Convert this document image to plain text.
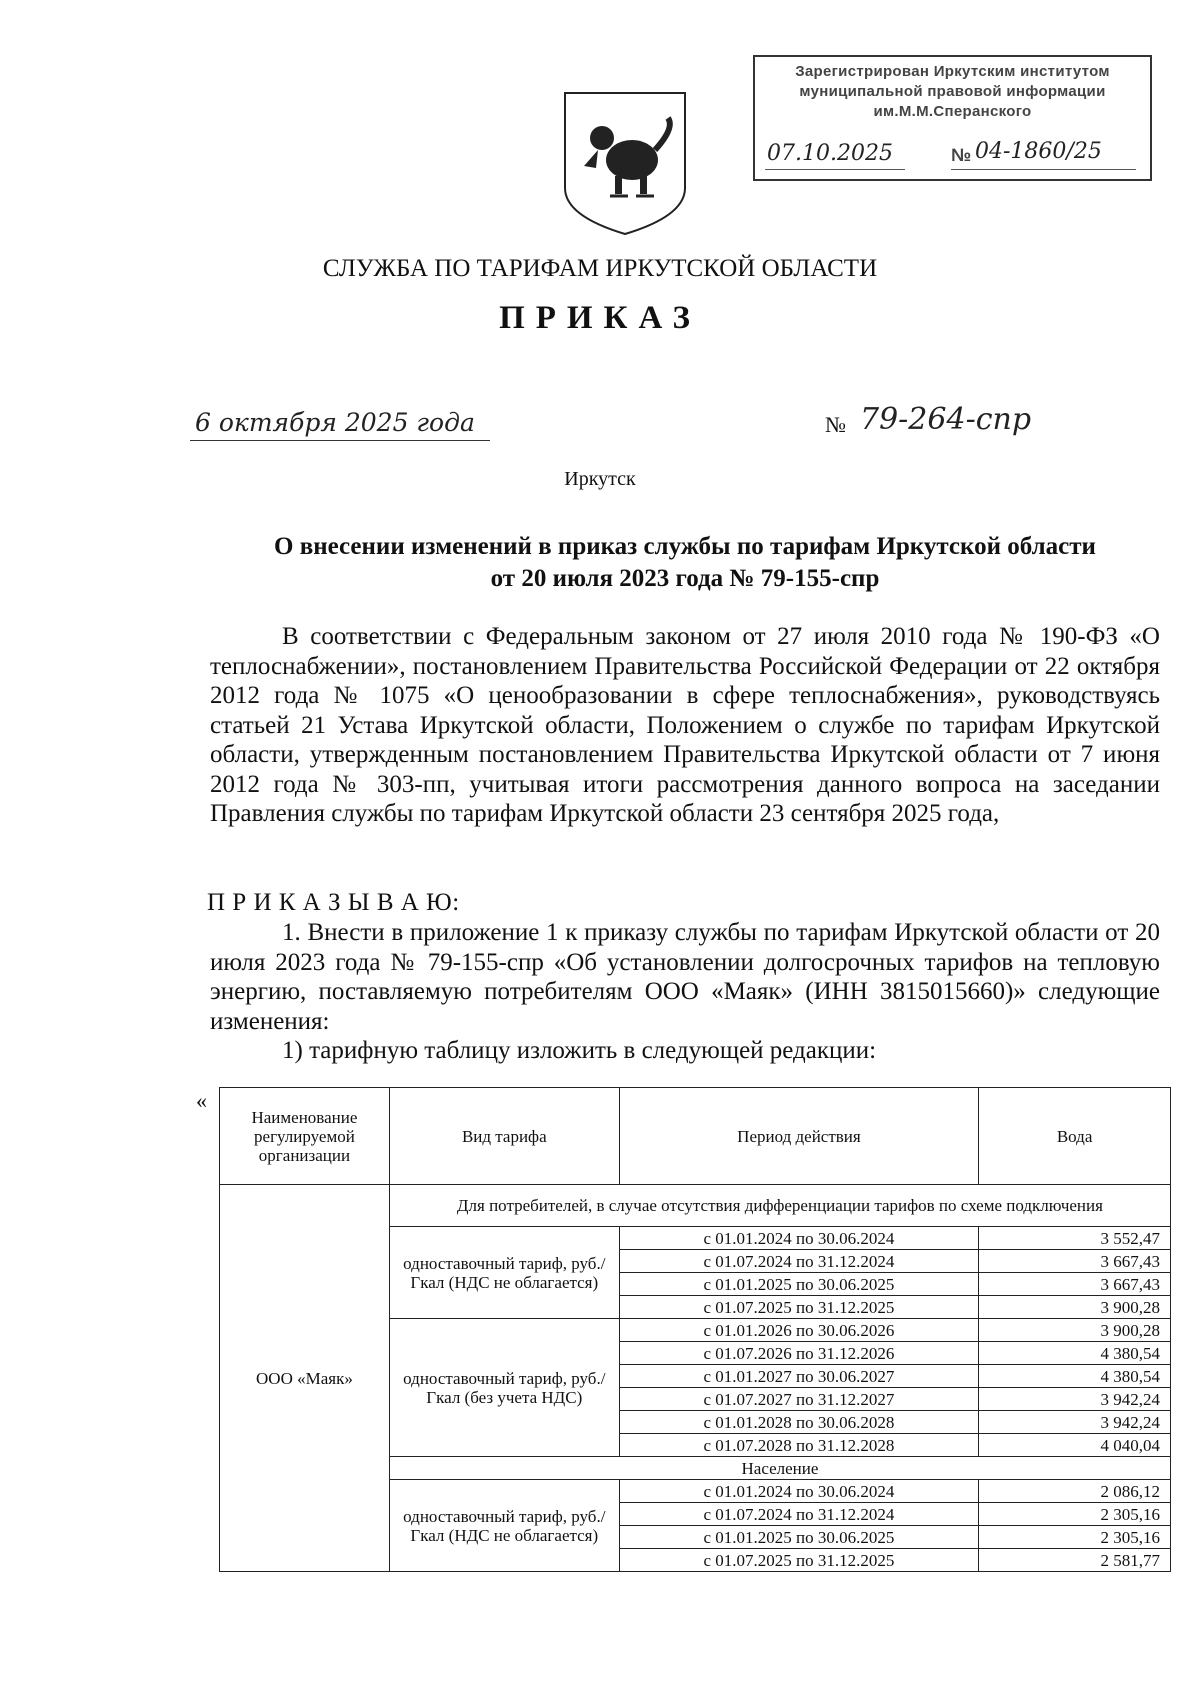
Зарегистрирован Иркутским институтом
муниципальной правовой информации
им.М.М.Сперанского
07.10.2025	№ 04-1860/25
СЛУЖБА ПО ТАРИФАМ ИРКУТСКОЙ ОБЛАСТИ
ПРИКАЗ
6 октября 2025 года	№ 79-264-спр
Иркутск
О внесении изменений в приказ службы по тарифам Иркутской области
от 20 июля 2023 года № 79-155-спр
В соответствии с Федеральным законом от 27 июля 2010 года № 190-ФЗ «О теплоснабжении», постановлением Правительства Российской Федерации от 22 октября 2012 года № 1075 «О ценообразовании в сфере теплоснабжения», руководствуясь статьей 21 Устава Иркутской области, Положением о службе по тарифам Иркутской области, утвержденным постановлением Правительства Иркутской области от 7 июня 2012 года № 303-пп, учитывая итоги рассмотрения данного вопроса на заседании Правления службы по тарифам Иркутской области 23 сентября 2025 года,
П Р И К А З Ы В А Ю:
1. Внести в приложение 1 к приказу службы по тарифам Иркутской области от 20 июля 2023 года № 79-155-спр «Об установлении долгосрочных тарифов на тепловую энергию, поставляемую потребителям ООО «Маяк» (ИНН 3815015660)» следующие изменения:
1) тарифную таблицу изложить в следующей редакции:
«
Наименование регулируемой организации	Вид тарифа	Период действия	Вода
ООО «Маяк»	Для потребителей, в случае отсутствия дифференциации тарифов по схеме подключения		
	одноставочный тариф, руб./Гкал (НДС не облагается)	с 01.01.2024 по 30.06.2024	3 552,47
		с 01.07.2024 по 31.12.2024	3 667,43
		с 01.01.2025 по 30.06.2025	3 667,43
		с 01.07.2025 по 31.12.2025	3 900,28
	одноставочный тариф, руб./Гкал (без учета НДС)	с 01.01.2026 по 30.06.2026	3 900,28
		с 01.07.2026 по 31.12.2026	4 380,54
		с 01.01.2027 по 30.06.2027	4 380,54
		с 01.07.2027 по 31.12.2027	3 942,24
		с 01.01.2028 по 30.06.2028	3 942,24
		с 01.07.2028 по 31.12.2028	4 040,04
	Население		
	одноставочный тариф, руб./Гкал (НДС не облагается)	с 01.01.2024 по 30.06.2024	2 086,12
		с 01.07.2024 по 31.12.2024	2 305,16
		с 01.01.2025 по 30.06.2025	2 305,16
		с 01.07.2025 по 31.12.2025	2 581,77
